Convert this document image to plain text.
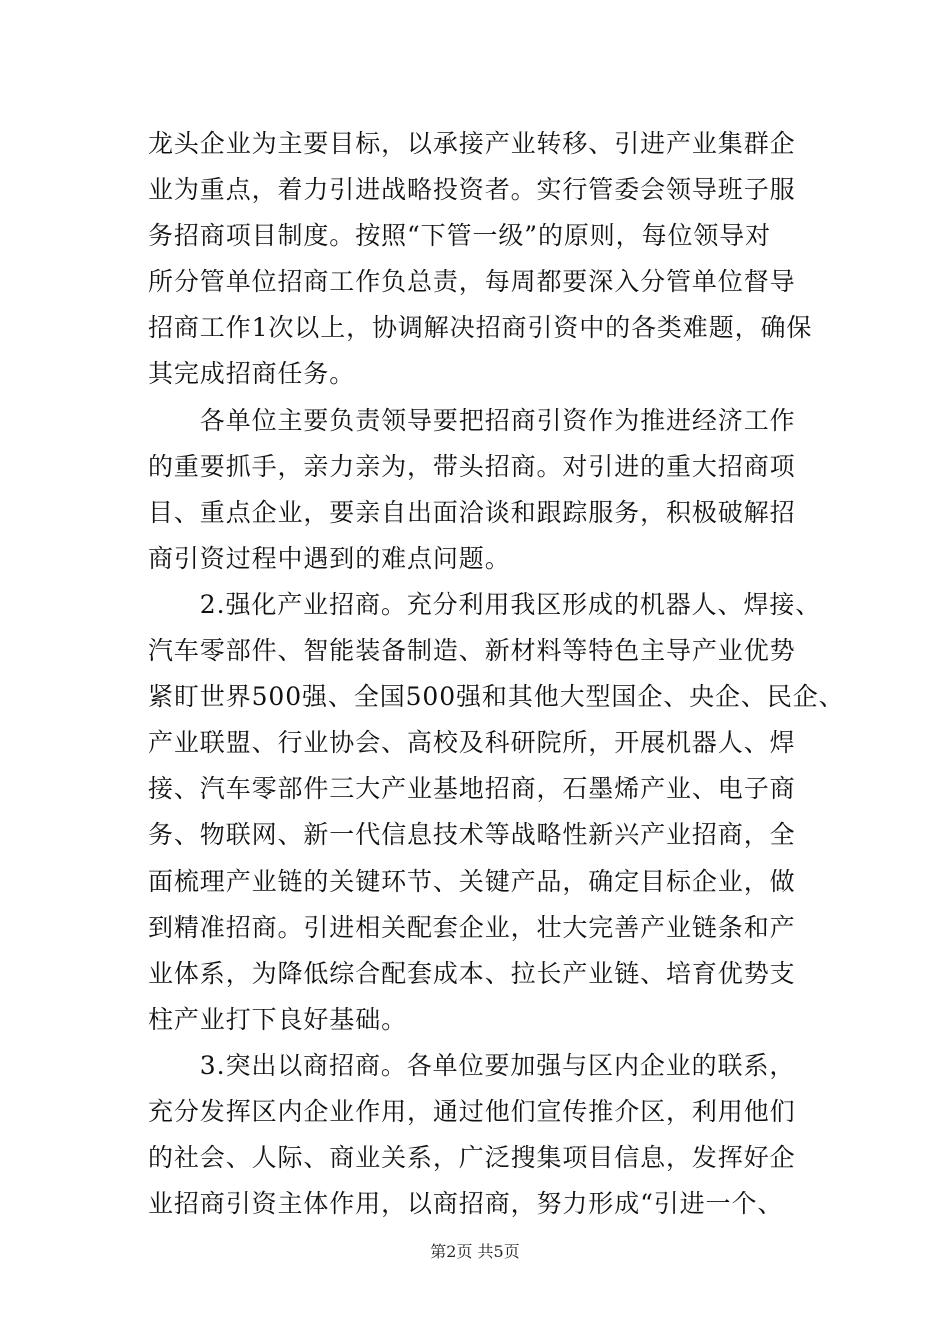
龙头企业为主要目标，以承接产业转移、引进产业集群企
业为重点，着力引进战略投资者。实行管委会领导班子服
务招商项目制度。按照“下管一级”的原则，每位领导对
所分管单位招商工作负总责，每周都要深入分管单位督导
招商工作1次以上，协调解决招商引资中的各类难题，确保
其完成招商任务。
　　各单位主要负责领导要把招商引资作为推进经济工作
的重要抓手，亲力亲为，带头招商。对引进的重大招商项
目、重点企业，要亲自出面洽谈和跟踪服务，积极破解招
商引资过程中遇到的难点问题。
　　2.强化产业招商。充分利用我区形成的机器人、焊接、
汽车零部件、智能装备制造、新材料等特色主导产业优势
紧盯世界500强、全国500强和其他大型国企、央企、民企、
产业联盟、行业协会、高校及科研院所，开展机器人、焊
接、汽车零部件三大产业基地招商，石墨烯产业、电子商
务、物联网、新一代信息技术等战略性新兴产业招商，全
面梳理产业链的关键环节、关键产品，确定目标企业，做
到精准招商。引进相关配套企业，壮大完善产业链条和产
业体系，为降低综合配套成本、拉长产业链、培育优势支
柱产业打下良好基础。
　　3.突出以商招商。各单位要加强与区内企业的联系，
充分发挥区内企业作用，通过他们宣传推介区，利用他们
的社会、人际、商业关系，广泛搜集项目信息，发挥好企
业招商引资主体作用，以商招商，努力形成“引进一个、
第2页 共5页
